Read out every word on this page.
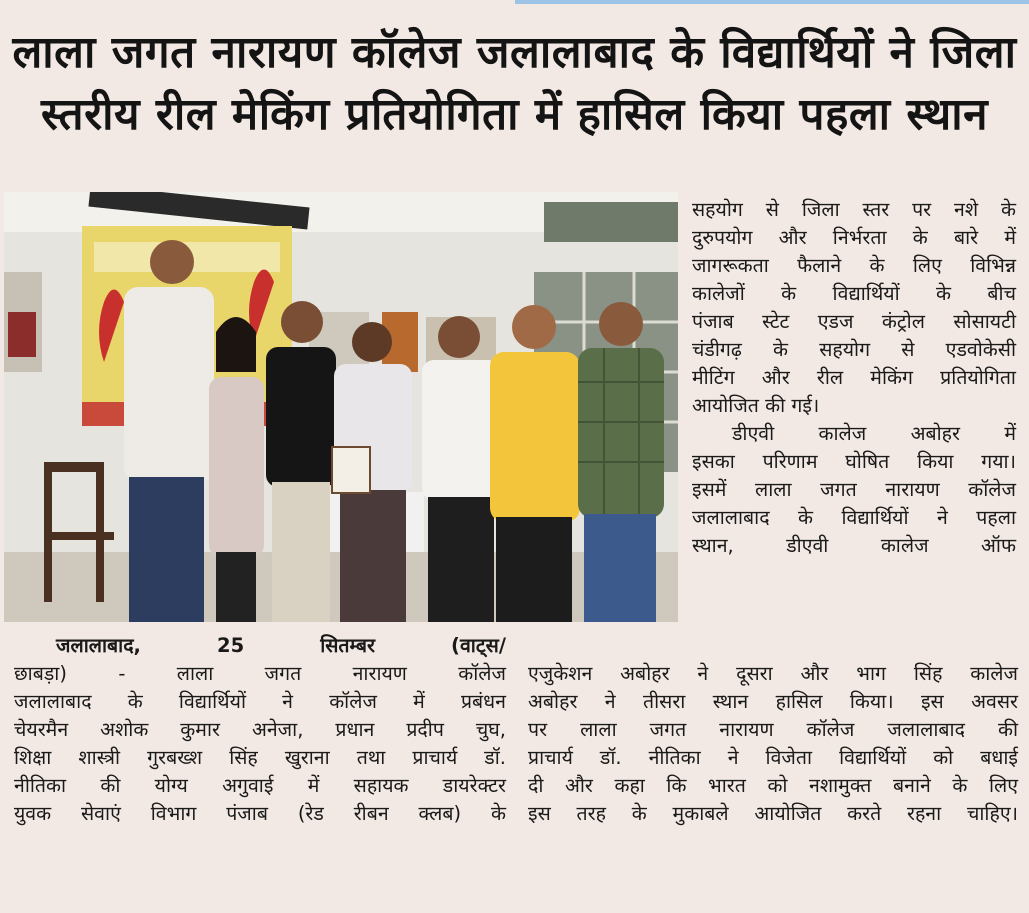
लाला जगत नारायण कॉलेज जलालाबाद के विद्यार्थियों ने जिला
स्तरीय रील मेकिंग प्रतियोगिता में हासिल किया पहला स्थान

सहयोग से जिला स्तर पर नशे के
दुरुपयोग और निर्भरता के बारे में
जागरूकता फैलाने के लिए विभिन्न
कालेजों के विद्यार्थियों के बीच
पंजाब स्टेट एडज कंट्रोल सोसायटी
चंडीगढ़ के सहयोग से एडवोकेसी
मीटिंग और रील मेकिंग प्रतियोगिता
आयोजित की गई।

डीएवी कालेज अबोहर में
इसका परिणाम घोषित किया गया।
इसमें लाला जगत नारायण कॉलेज
जलालाबाद के विद्यार्थियों ने पहला
स्थान, डीएवी कालेज ऑफ

जलालाबाद, 25 सितम्बर (वाट्स/
छाबड़ा) - लाला जगत नारायण कॉलेज
जलालाबाद के विद्यार्थियों ने कॉलेज में प्रबंधन
चेयरमैन अशोक कुमार अनेजा, प्रधान प्रदीप चुघ,
शिक्षा शास्त्री गुरबख्श सिंह खुराना तथा प्राचार्य डॉ.
नीतिका की योग्य अगुवाई में सहायक डायरेक्टर
युवक सेवाएं विभाग पंजाब (रेड रीबन क्लब) के
एजुकेशन अबोहर ने दूसरा और भाग सिंह कालेज
अबोहर ने तीसरा स्थान हासिल किया। इस अवसर
पर लाला जगत नारायण कॉलेज जलालाबाद की
प्राचार्य डॉ. नीतिका ने विजेता विद्यार्थियों को बधाई
दी और कहा कि भारत को नशामुक्त बनाने के लिए
इस तरह के मुकाबले आयोजित करते रहना चाहिए।
